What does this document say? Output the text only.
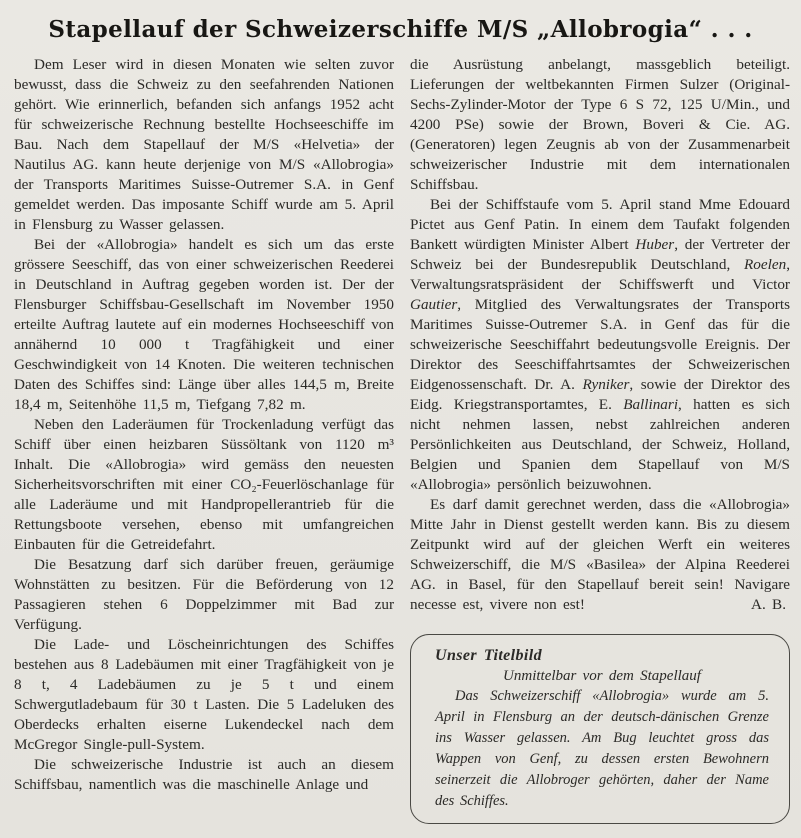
Stapellauf der Schweizerschiffe M/S „Allobrogia“ . . .

Dem Leser wird in diesen Monaten wie selten zuvor bewusst, dass die Schweiz zu den seefahrenden Nationen gehört. Wie erinnerlich, befanden sich anfangs 1952 acht für schweizerische Rechnung bestellte Hochseeschiffe im Bau. Nach dem Stapellauf der M/S «Helvetia» der Nautilus AG. kann heute derjenige von M/S «Allobrogia» der Transports Maritimes Suisse-Outremer S.A. in Genf gemeldet werden. Das imposante Schiff wurde am 5. April in Flensburg zu Wasser gelassen.

Bei der «Allobrogia» handelt es sich um das erste grössere Seeschiff, das von einer schweizerischen Reederei in Deutschland in Auftrag gegeben worden ist. Der der Flensburger Schiffsbau-Gesellschaft im November 1950 erteilte Auftrag lautete auf ein modernes Hochseeschiff von annähernd 10 000 t Tragfähigkeit und einer Geschwindigkeit von 14 Knoten. Die weiteren technischen Daten des Schiffes sind: Länge über alles 144,5 m, Breite 18,4 m, Seitenhöhe 11,5 m, Tiefgang 7,82 m.

Neben den Laderäumen für Trockenladung verfügt das Schiff über einen heizbaren Süssöltank von 1120 m³ Inhalt. Die «Allobrogia» wird gemäss den neuesten Sicherheitsvorschriften mit einer CO₂-Feuerlöschanlage für alle Laderäume und mit Handpropellerantrieb für die Rettungsboote versehen, ebenso mit umfangreichen Einbauten für die Getreidefahrt.

Die Besatzung darf sich darüber freuen, geräumige Wohnstätten zu besitzen. Für die Beförderung von 12 Passagieren stehen 6 Doppelzimmer mit Bad zur Verfügung.

Die Lade- und Löscheinrichtungen des Schiffes bestehen aus 8 Ladebäumen mit einer Tragfähigkeit von je 8 t, 4 Ladebäumen zu je 5 t und einem Schwergutladebaum für 30 t Lasten. Die 5 Ladeluken des Oberdecks erhalten eiserne Lukendeckel nach dem McGregor Single-pull-System.

Die schweizerische Industrie ist auch an diesem Schiffsbau, namentlich was die maschinelle Anlage und

die Ausrüstung anbelangt, massgeblich beteiligt. Lieferungen der weltbekannten Firmen Sulzer (Original-Sechs-Zylinder-Motor der Type 6 S 72, 125 U/Min., und 4200 PSe) sowie der Brown, Boveri & Cie. AG. (Generatoren) legen Zeugnis ab von der Zusammenarbeit schweizerischer Industrie mit dem internationalen Schiffsbau.

Bei der Schiffstaufe vom 5. April stand Mme Edouard Pictet aus Genf Patin. In einem dem Taufakt folgenden Bankett würdigten Minister Albert Huber, der Vertreter der Schweiz bei der Bundesrepublik Deutschland, Roelen, Verwaltungsratspräsident der Schiffswerft und Victor Gautier, Mitglied des Verwaltungsrates der Transports Maritimes Suisse-Outremer S.A. in Genf das für die schweizerische Seeschiffahrt bedeutungsvolle Ereignis. Der Direktor des Seeschiffahrtsamtes der Schweizerischen Eidgenossenschaft. Dr. A. Ryniker, sowie der Direktor des Eidg. Kriegstransportamtes, E. Ballinari, hatten es sich nicht nehmen lassen, nebst zahlreichen anderen Persönlichkeiten aus Deutschland, der Schweiz, Holland, Belgien und Spanien dem Stapellauf von M/S «Allobrogia» persönlich beizuwohnen.

Es darf damit gerechnet werden, dass die «Allobrogia» Mitte Jahr in Dienst gestellt werden kann. Bis zu diesem Zeitpunkt wird auf der gleichen Werft ein weiteres Schweizerschiff, die M/S «Basilea» der Alpina Reederei AG. in Basel, für den Stapellauf bereit sein! Navigare necesse est, vivere non est!	A. B.

Unser Titelbild

Unmittelbar vor dem Stapellauf

Das Schweizerschiff «Allobrogia» wurde am 5. April in Flensburg an der deutsch-dänischen Grenze ins Wasser gelassen. Am Bug leuchtet gross das Wappen von Genf, zu dessen ersten Bewohnern seinerzeit die Allobroger gehörten, daher der Name des Schiffes.
